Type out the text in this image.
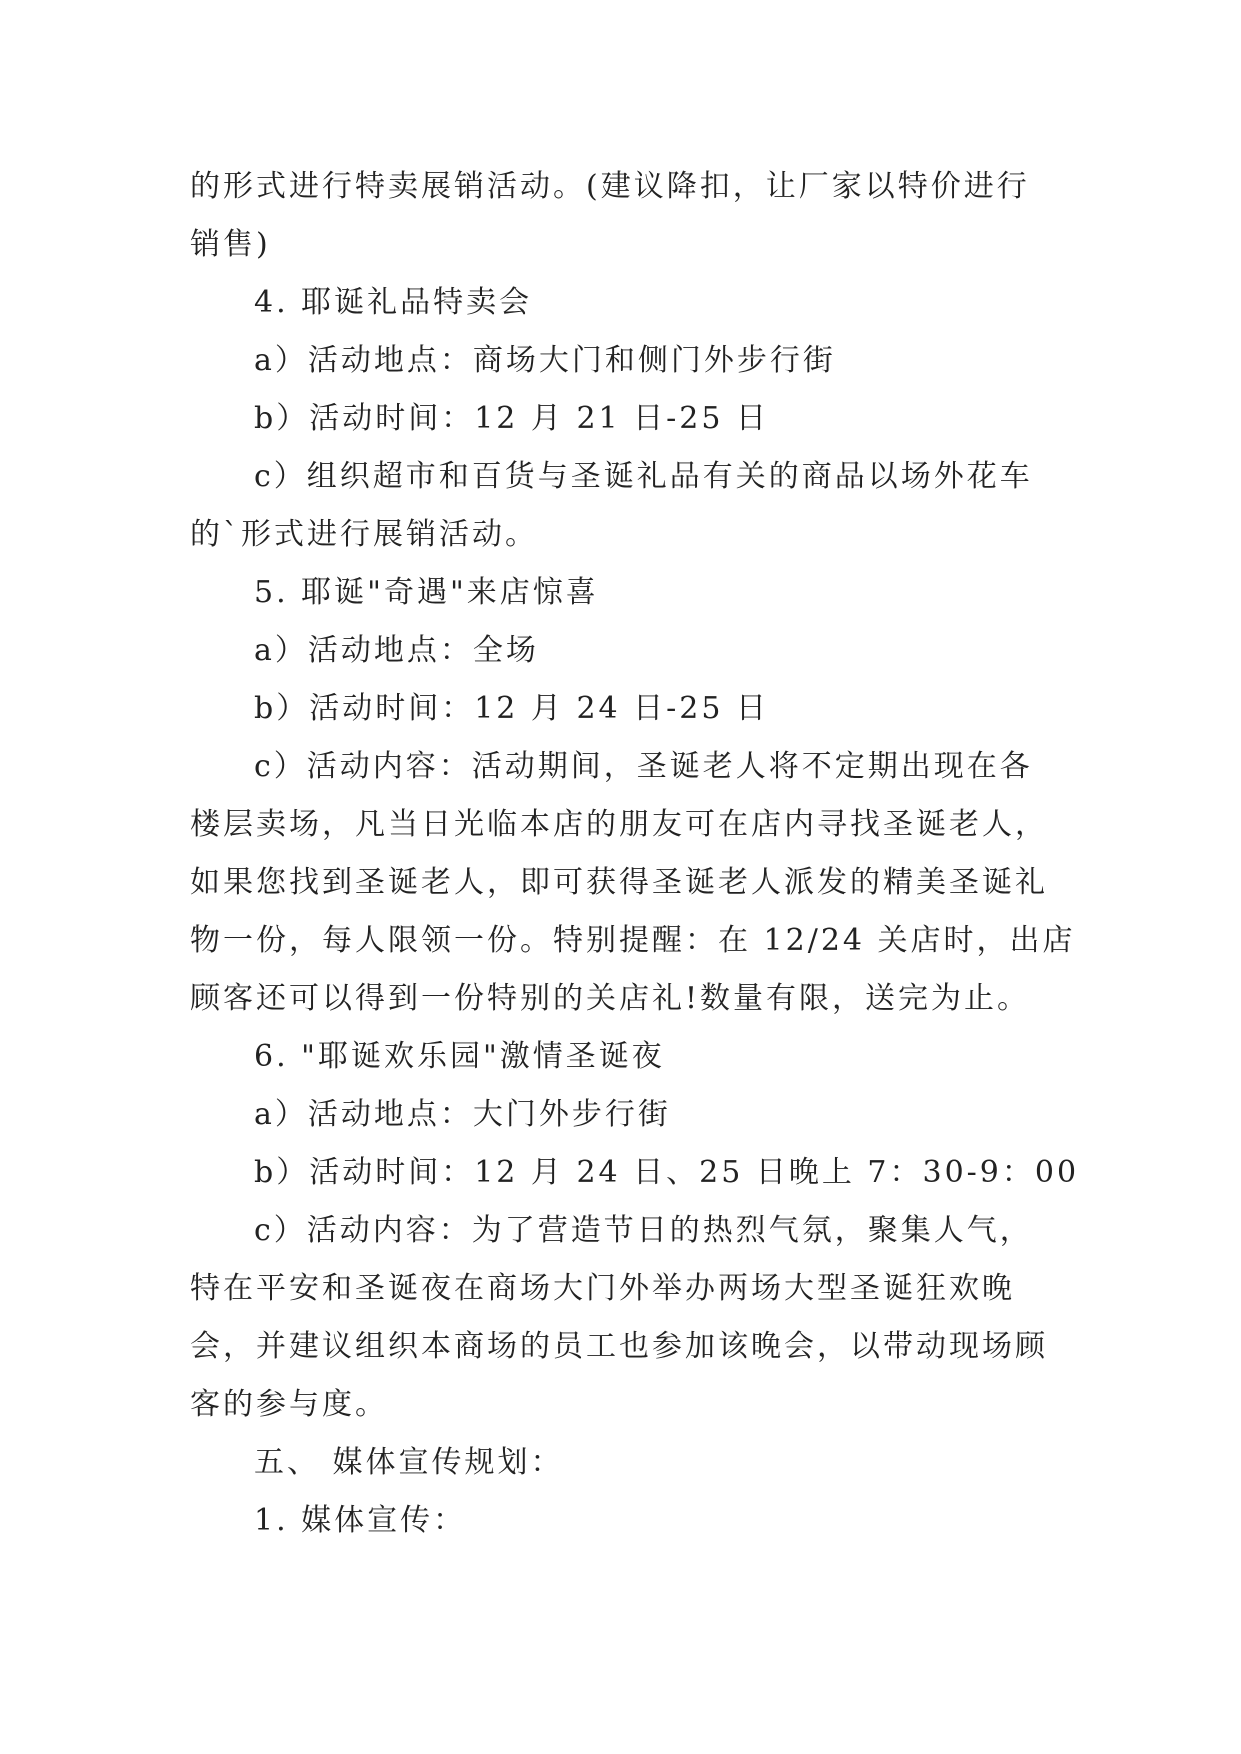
的形式进行特卖展销活动。(建议降扣，让厂家以特价进行

销售)

4. 耶诞礼品特卖会

a）活动地点：商场大门和侧门外步行街

b）活动时间：12 月 21 日-25 日

c）组织超市和百货与圣诞礼品有关的商品以场外花车

的`形式进行展销活动。

5. 耶诞"奇遇"来店惊喜

a）活动地点：全场

b）活动时间：12 月 24 日-25 日

c）活动内容：活动期间，圣诞老人将不定期出现在各

楼层卖场，凡当日光临本店的朋友可在店内寻找圣诞老人，

如果您找到圣诞老人，即可获得圣诞老人派发的精美圣诞礼

物一份，每人限领一份。特别提醒：在 12/24 关店时，出店

顾客还可以得到一份特别的关店礼!数量有限，送完为止。

6. "耶诞欢乐园"激情圣诞夜

a）活动地点：大门外步行街

b）活动时间：12 月 24 日、25 日晚上 7：30-9：00

c）活动内容：为了营造节日的热烈气氛，聚集人气，

特在平安和圣诞夜在商场大门外举办两场大型圣诞狂欢晚

会，并建议组织本商场的员工也参加该晚会，以带动现场顾

客的参与度。

五、 媒体宣传规划：

1. 媒体宣传：
